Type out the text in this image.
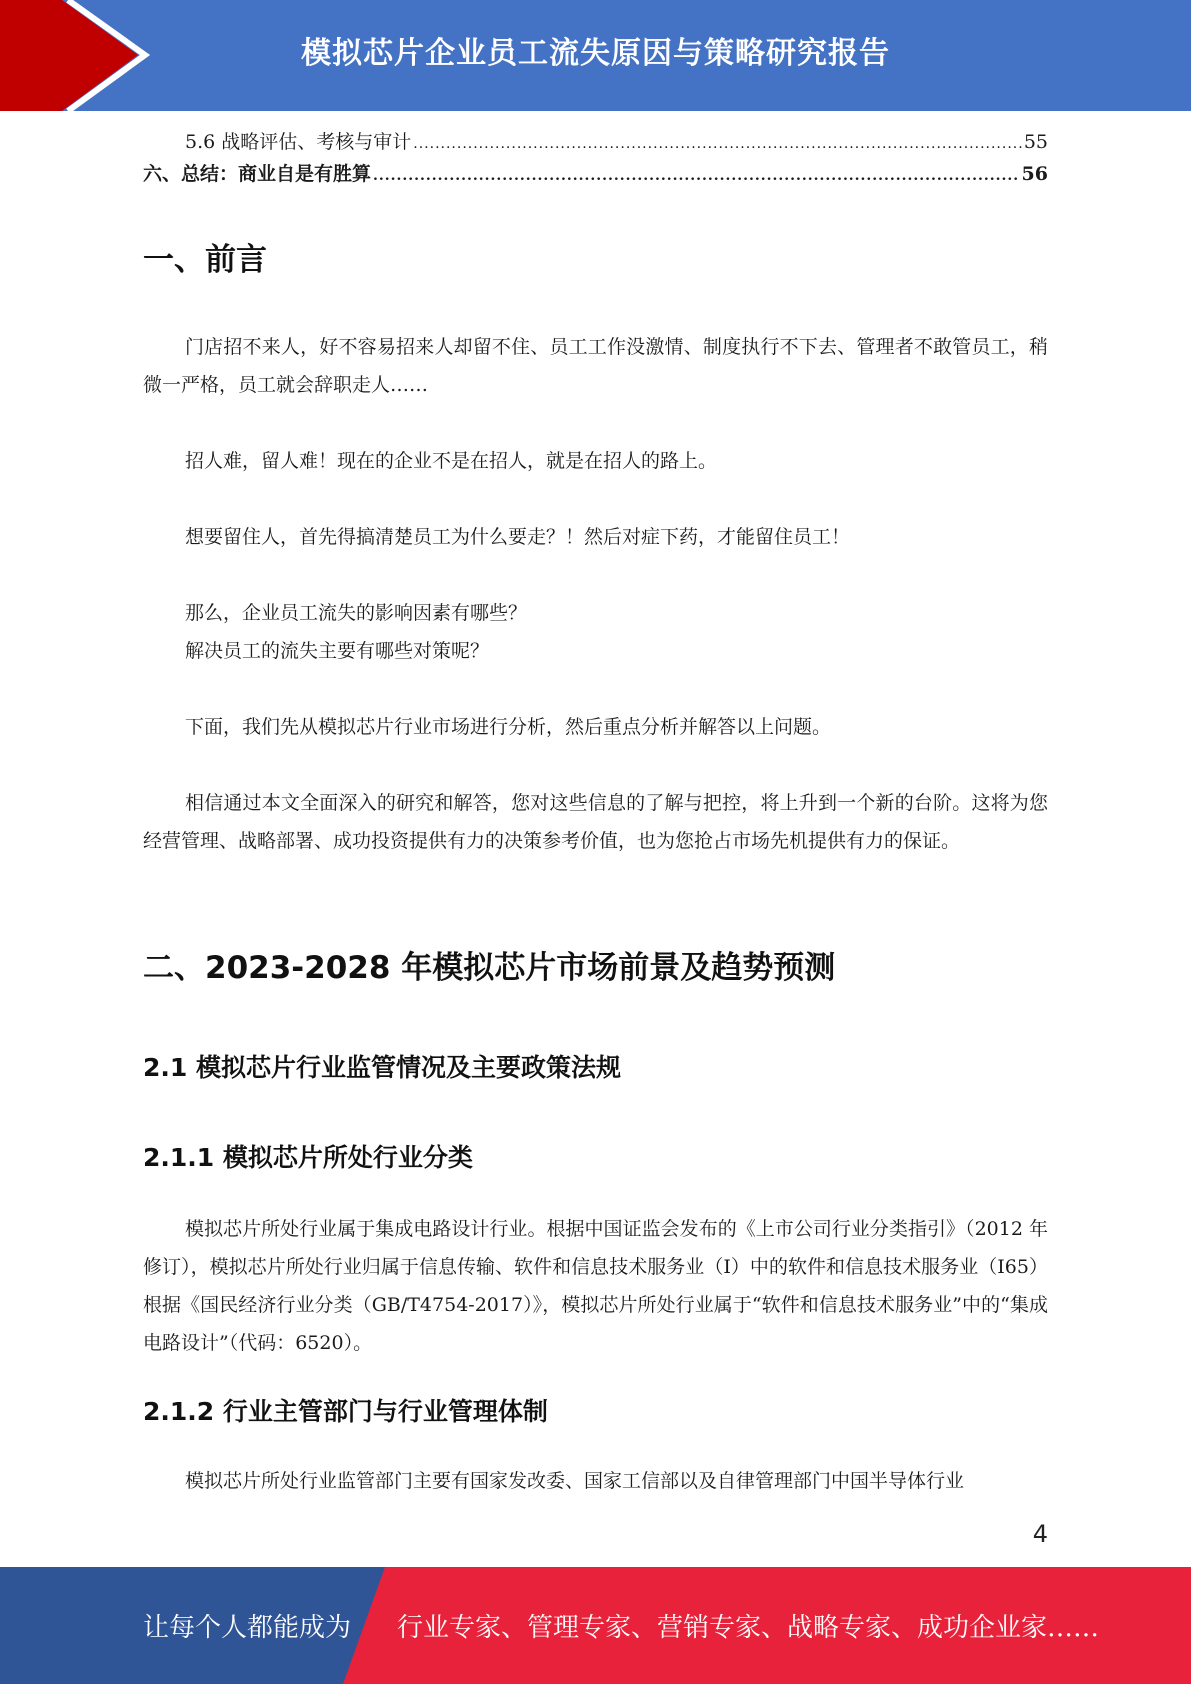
模拟芯片企业员工流失原因与策略研究报告
5.6 战略评估、考核与审计 .....	55
六、总结：商业自是有胜算 .....	56
一、前言

门店招不来人，好不容易招来人却留不住、员工工作没激情、制度执行不下去、管理者不敢管员工，稍微一严格，员工就会辞职走人……

招人难，留人难！现在的企业不是在招人，就是在招人的路上。

想要留住人，首先得搞清楚员工为什么要走？！然后对症下药，才能留住员工！

那么，企业员工流失的影响因素有哪些？

解决员工的流失主要有哪些对策呢？

下面，我们先从模拟芯片行业市场进行分析，然后重点分析并解答以上问题。

相信通过本文全面深入的研究和解答，您对这些信息的了解与把控，将上升到一个新的台阶。这将为您经营管理、战略部署、成功投资提供有力的决策参考价值，也为您抢占市场先机提供有力的保证。

二、2023-2028 年模拟芯片市场前景及趋势预测
2.1 模拟芯片行业监管情况及主要政策法规
2.1.1 模拟芯片所处行业分类

模拟芯片所处行业属于集成电路设计行业。根据中国证监会发布的《上市公司行业分类指引》（2012 年修订），模拟芯片所处行业归属于信息传输、软件和信息技术服务业（I）中的软件和信息技术服务业（I65）根据《国民经济行业分类（GB/T4754-2017）》，模拟芯片所处行业属于“软件和信息技术服务业”中的“集成电路设计”（代码：6520）。

2.1.2 行业主管部门与行业管理体制

模拟芯片所处行业监管部门主要有国家发改委、国家工信部以及自律管理部门中国半导体行业

4
让每个人都能成为 行业专家、管理专家、营销专家、战略专家、成功企业家……
